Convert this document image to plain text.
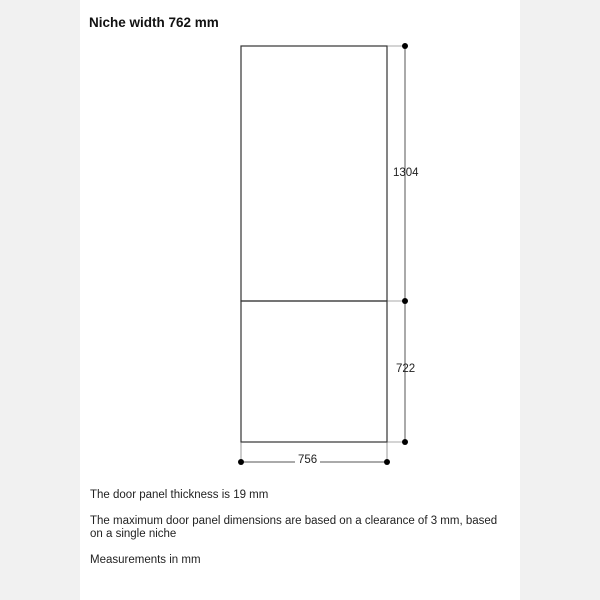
Niche width 762 mm
1304
722
756
The door panel thickness is 19 mm
The maximum door panel dimensions are based on a clearance of 3 mm, based on a single niche
Measurements in mm
